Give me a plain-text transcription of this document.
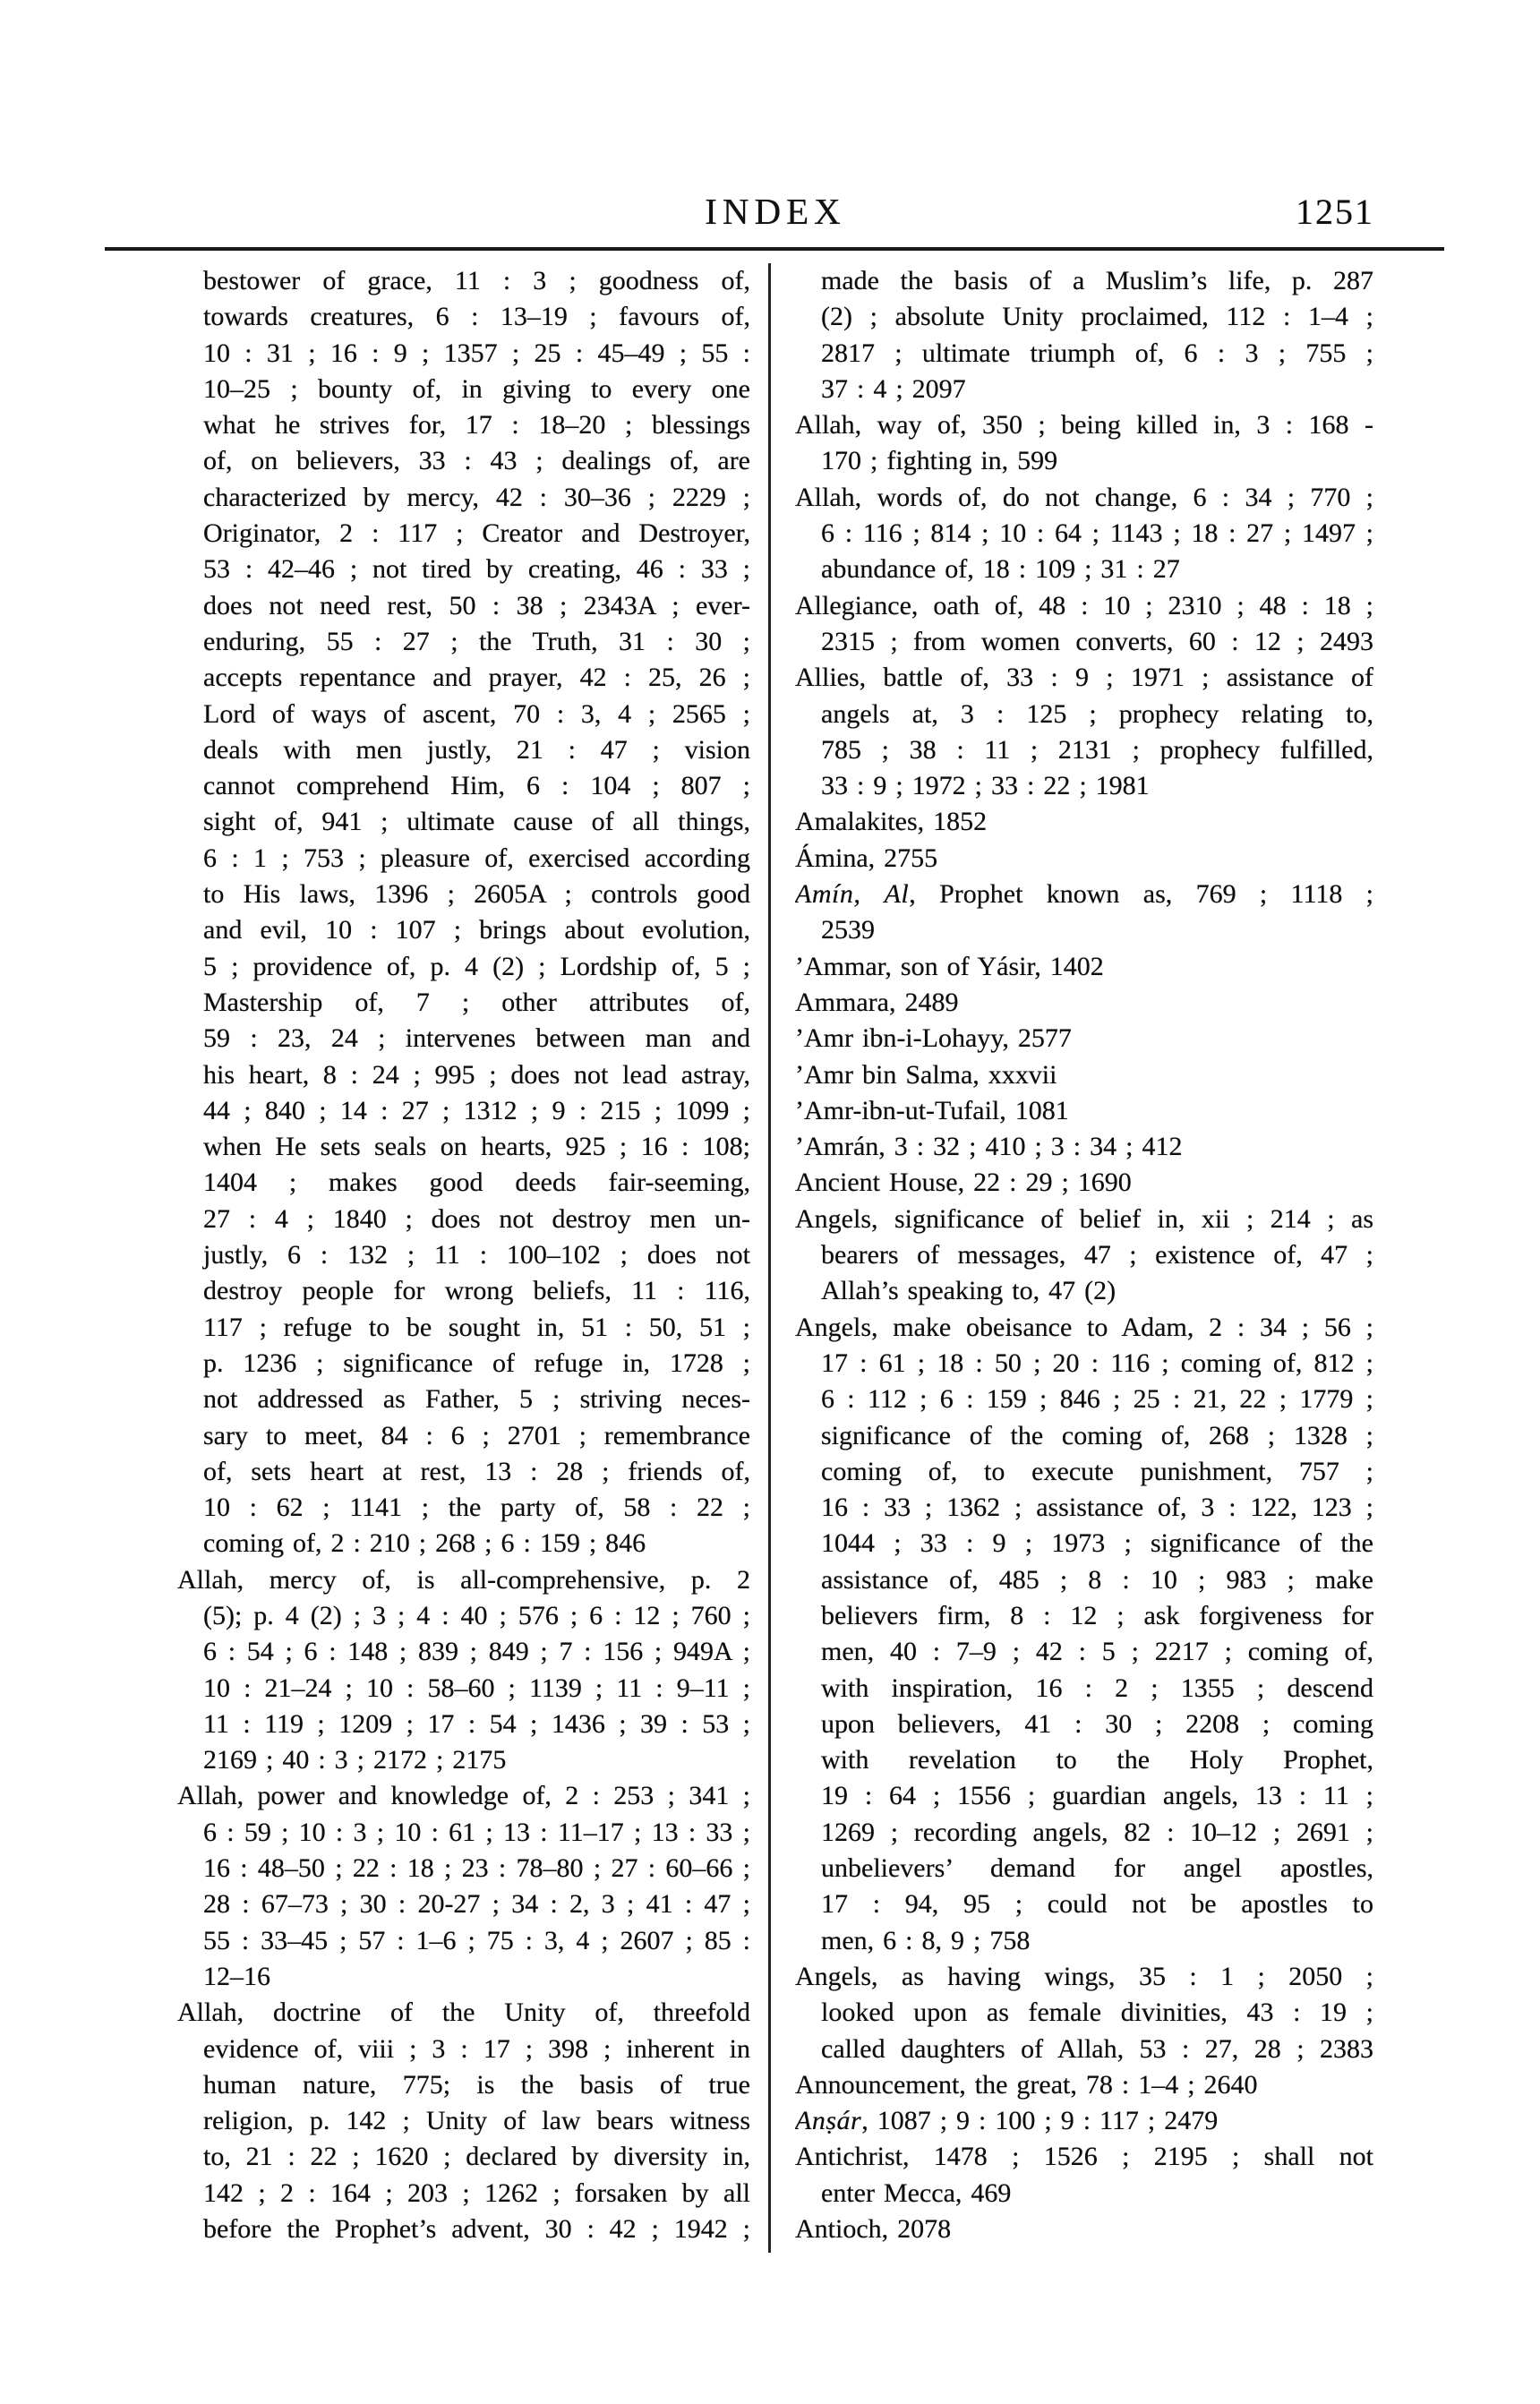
INDEX	1251
bestower of grace, 11 : 3 ; goodness of,
towards creatures, 6 : 13–19 ; favours of,
10 : 31 ; 16 : 9 ; 1357 ; 25 : 45–49 ; 55 :
10–25 ; bounty of, in giving to every one
what he strives for, 17 : 18–20 ; blessings
of, on believers, 33 : 43 ; dealings of, are
characterized by mercy, 42 : 30–36 ; 2229 ;
Originator, 2 : 117 ; Creator and Destroyer,
53 : 42–46 ; not tired by creating, 46 : 33 ;
does not need rest, 50 : 38 ; 2343A ; ever-
enduring, 55 : 27 ; the Truth, 31 : 30 ;
accepts repentance and prayer, 42 : 25, 26 ;
Lord of ways of ascent, 70 : 3, 4 ; 2565 ;
deals with men justly, 21 : 47 ; vision
cannot comprehend Him, 6 : 104 ; 807 ;
sight of, 941 ; ultimate cause of all things,
6 : 1 ; 753 ; pleasure of, exercised according
to His laws, 1396 ; 2605A ; controls good
and evil, 10 : 107 ; brings about evolution,
5 ; providence of, p. 4 (2) ; Lordship of, 5 ;
Mastership of, 7 ; other attributes of,
59 : 23, 24 ; intervenes between man and
his heart, 8 : 24 ; 995 ; does not lead astray,
44 ; 840 ; 14 : 27 ; 1312 ; 9 : 215 ; 1099 ;
when He sets seals on hearts, 925 ; 16 : 108;
1404 ; makes good deeds fair-seeming,
27 : 4 ; 1840 ; does not destroy men un-
justly, 6 : 132 ; 11 : 100–102 ; does not
destroy people for wrong beliefs, 11 : 116,
117 ; refuge to be sought in, 51 : 50, 51 ;
p. 1236 ; significance of refuge in, 1728 ;
not addressed as Father, 5 ; striving neces-
sary to meet, 84 : 6 ; 2701 ; remembrance
of, sets heart at rest, 13 : 28 ; friends of,
10 : 62 ; 1141 ; the party of, 58 : 22 ;
coming of, 2 : 210 ; 268 ; 6 : 159 ; 846
Allah, mercy of, is all-comprehensive, p. 2
(5); p. 4 (2) ; 3 ; 4 : 40 ; 576 ; 6 : 12 ; 760 ;
6 : 54 ; 6 : 148 ; 839 ; 849 ; 7 : 156 ; 949A ;
10 : 21–24 ; 10 : 58–60 ; 1139 ; 11 : 9–11 ;
11 : 119 ; 1209 ; 17 : 54 ; 1436 ; 39 : 53 ;
2169 ; 40 : 3 ; 2172 ; 2175
Allah, power and knowledge of, 2 : 253 ; 341 ;
6 : 59 ; 10 : 3 ; 10 : 61 ; 13 : 11–17 ; 13 : 33 ;
16 : 48–50 ; 22 : 18 ; 23 : 78–80 ; 27 : 60–66 ;
28 : 67–73 ; 30 : 20-27 ; 34 : 2, 3 ; 41 : 47 ;
55 : 33–45 ; 57 : 1–6 ; 75 : 3, 4 ; 2607 ; 85 :
12–16
Allah, doctrine of the Unity of, threefold
evidence of, viii ; 3 : 17 ; 398 ; inherent in
human nature, 775; is the basis of true
religion, p. 142 ; Unity of law bears witness
to, 21 : 22 ; 1620 ; declared by diversity in,
142 ; 2 : 164 ; 203 ; 1262 ; forsaken by all
before the Prophet’s advent, 30 : 42 ; 1942 ;
made the basis of a Muslim’s life, p. 287
(2) ; absolute Unity proclaimed, 112 : 1–4 ;
2817 ; ultimate triumph of, 6 : 3 ; 755 ;
37 : 4 ; 2097
Allah, way of, 350 ; being killed in, 3 : 168 -
170 ; fighting in, 599
Allah, words of, do not change, 6 : 34 ; 770 ;
6 : 116 ; 814 ; 10 : 64 ; 1143 ; 18 : 27 ; 1497 ;
abundance of, 18 : 109 ; 31 : 27
Allegiance, oath of, 48 : 10 ; 2310 ; 48 : 18 ;
2315 ; from women converts, 60 : 12 ; 2493
Allies, battle of, 33 : 9 ; 1971 ; assistance of
angels at, 3 : 125 ; prophecy relating to,
785 ; 38 : 11 ; 2131 ; prophecy fulfilled,
33 : 9 ; 1972 ; 33 : 22 ; 1981
Amalakites, 1852
Ámina, 2755
Amín, Al, Prophet known as, 769 ; 1118 ;
2539
’Ammar, son of Yásir, 1402
Ammara, 2489
’Amr ibn-i-Lohayy, 2577
’Amr bin Salma, xxxvii
’Amr-ibn-ut-Tufail, 1081
’Amrán, 3 : 32 ; 410 ; 3 : 34 ; 412
Ancient House, 22 : 29 ; 1690
Angels, significance of belief in, xii ; 214 ; as
bearers of messages, 47 ; existence of, 47 ;
Allah’s speaking to, 47 (2)
Angels, make obeisance to Adam, 2 : 34 ; 56 ;
17 : 61 ; 18 : 50 ; 20 : 116 ; coming of, 812 ;
6 : 112 ; 6 : 159 ; 846 ; 25 : 21, 22 ; 1779 ;
significance of the coming of, 268 ; 1328 ;
coming of, to execute punishment, 757 ;
16 : 33 ; 1362 ; assistance of, 3 : 122, 123 ;
1044 ; 33 : 9 ; 1973 ; significance of the
assistance of, 485 ; 8 : 10 ; 983 ; make
believers firm, 8 : 12 ; ask forgiveness for
men, 40 : 7–9 ; 42 : 5 ; 2217 ; coming of,
with inspiration, 16 : 2 ; 1355 ; descend
upon believers, 41 : 30 ; 2208 ; coming
with revelation to the Holy Prophet,
19 : 64 ; 1556 ; guardian angels, 13 : 11 ;
1269 ; recording angels, 82 : 10–12 ; 2691 ;
unbelievers’ demand for angel apostles,
17 : 94, 95 ; could not be apostles to
men, 6 : 8, 9 ; 758
Angels, as having wings, 35 : 1 ; 2050 ;
looked upon as female divinities, 43 : 19 ;
called daughters of Allah, 53 : 27, 28 ; 2383
Announcement, the great, 78 : 1–4 ; 2640
Anṣár, 1087 ; 9 : 100 ; 9 : 117 ; 2479
Antichrist, 1478 ; 1526 ; 2195 ; shall not
enter Mecca, 469
Antioch, 2078
